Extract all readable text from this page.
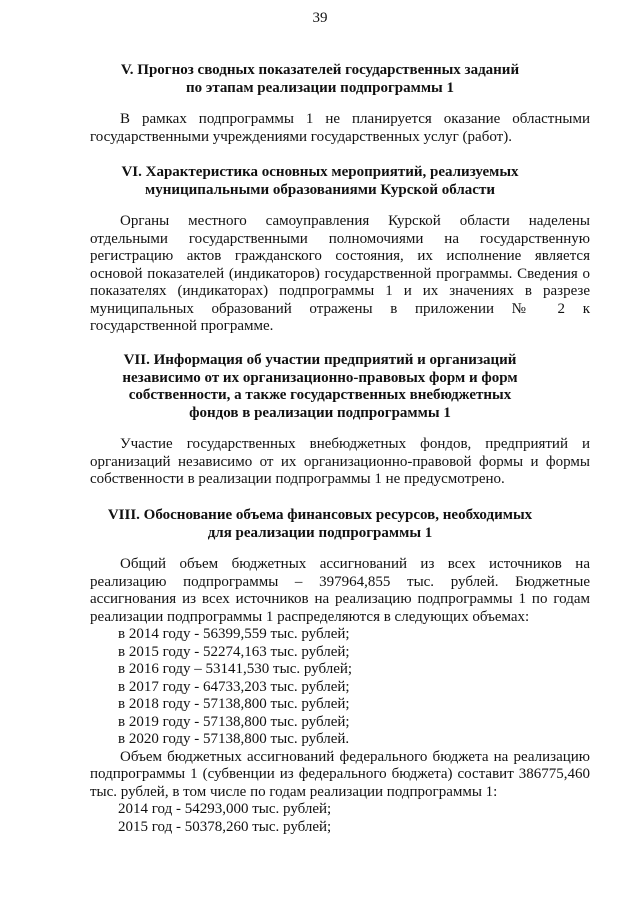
39
V. Прогноз сводных показателей государственных заданий
по этапам реализации подпрограммы 1
В рамках подпрограммы 1 не планируется оказание областными
государственными учреждениями государственных услуг (работ).
VI. Характеристика основных мероприятий, реализуемых
муниципальными образованиями Курской области
Органы местного самоуправления Курской области наделены
отдельными государственными полномочиями на государственную
регистрацию актов гражданского состояния, их исполнение является
основой показателей (индикаторов) государственной программы. Сведения о
показателях (индикаторах) подпрограммы 1 и их значениях в разрезе
муниципальных образований отражены в приложении № 2 к
государственной программе.
VII. Информация об участии предприятий и организаций
независимо от их организационно-правовых форм и форм
собственности, а также государственных внебюджетных
фондов в реализации подпрограммы 1
Участие государственных внебюджетных фондов, предприятий и
организаций независимо от их организационно-правовой формы и формы
собственности в реализации подпрограммы 1 не предусмотрено.
VIII. Обоснование объема финансовых ресурсов, необходимых
для реализации подпрограммы 1
Общий объем бюджетных ассигнований из всех источников на
реализацию подпрограммы – 397964,855 тыс. рублей. Бюджетные
ассигнования из всех источников на реализацию подпрограммы 1 по годам
реализации подпрограммы 1 распределяются в следующих объемах:
в 2014 году - 56399,559 тыс. рублей;
в 2015 году - 52274,163 тыс. рублей;
в 2016 году – 53141,530 тыс. рублей;
в 2017 году - 64733,203 тыс. рублей;
в 2018 году - 57138,800 тыс. рублей;
в 2019 году - 57138,800 тыс. рублей;
в 2020 году - 57138,800 тыс. рублей.
Объем бюджетных ассигнований федерального бюджета на реализацию
подпрограммы 1 (субвенции из федерального бюджета) составит 386775,460
тыс. рублей, в том числе по годам реализации подпрограммы 1:
2014 год - 54293,000 тыс. рублей;
2015 год - 50378,260 тыс. рублей;
